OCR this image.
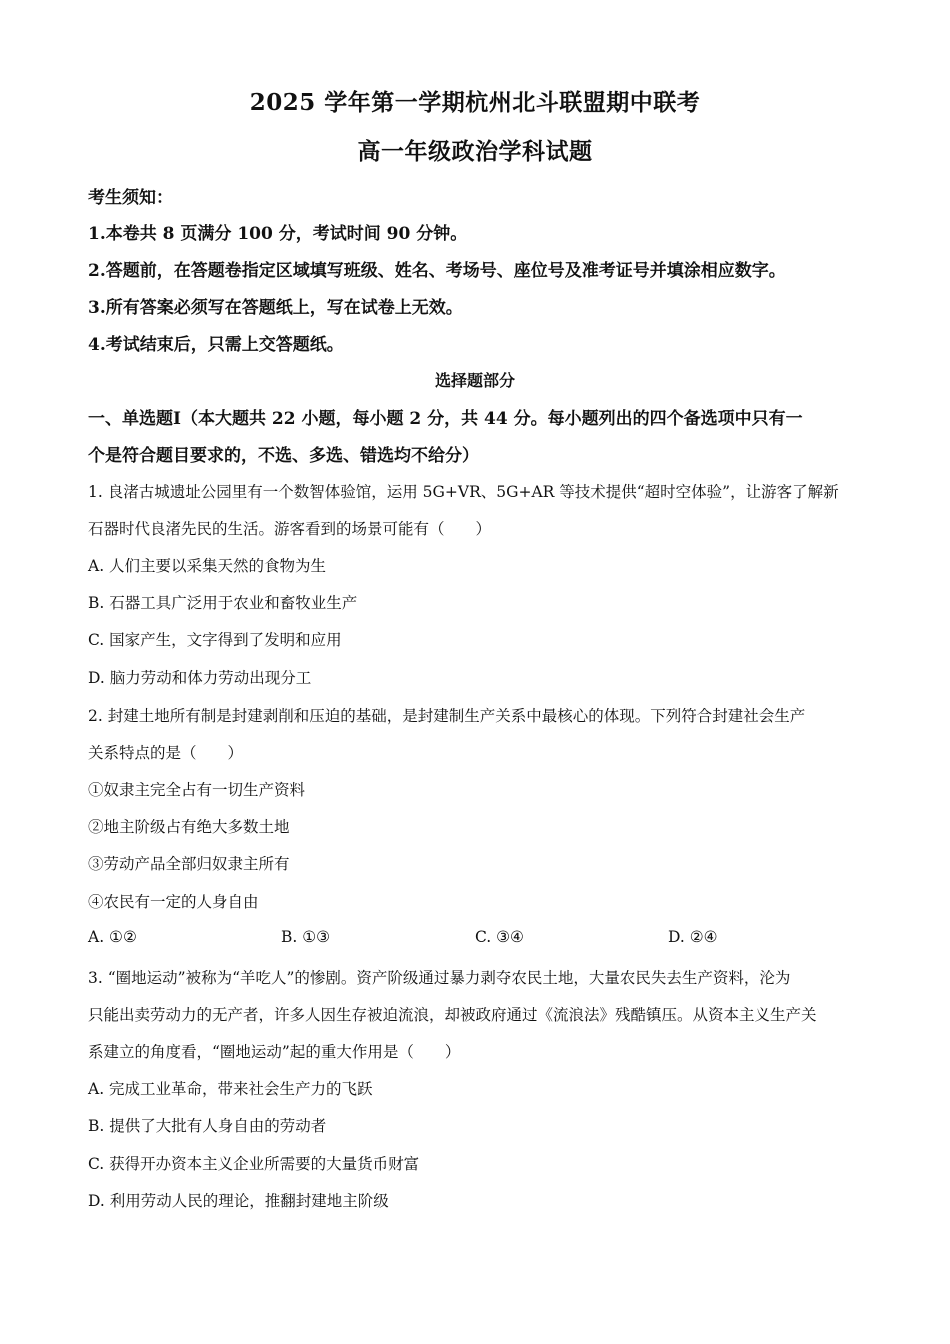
2025 学年第一学期杭州北斗联盟期中联考
高一年级政治学科试题
考生须知：
1.本卷共 8 页满分 100 分，考试时间 90 分钟。
2.答题前，在答题卷指定区域填写班级、姓名、考场号、座位号及准考证号并填涂相应数字。
3.所有答案必须写在答题纸上，写在试卷上无效。
4.考试结束后，只需上交答题纸。
选择题部分
一、单选题Ⅰ（本大题共 22 小题，每小题 2 分，共 44 分。每小题列出的四个备选项中只有一
个是符合题目要求的，不选、多选、错选均不给分）
1. 良渚古城遗址公园里有一个数智体验馆，运用 5G+VR、5G+AR 等技术提供“超时空体验”，让游客了解新
石器时代良渚先民的生活。游客看到的场景可能有（　　）
A. 人们主要以采集天然的食物为生
B. 石器工具广泛用于农业和畜牧业生产
C. 国家产生，文字得到了发明和应用
D. 脑力劳动和体力劳动出现分工
2. 封建土地所有制是封建剥削和压迫的基础，是封建制生产关系中最核心的体现。下列符合封建社会生产
关系特点的是（　　）
①奴隶主完全占有一切生产资料
②地主阶级占有绝大多数土地
③劳动产品全部归奴隶主所有
④农民有一定的人身自由
A. ①②	B. ①③	C. ③④	D. ②④
3. “圈地运动”被称为“羊吃人”的惨剧。资产阶级通过暴力剥夺农民土地，大量农民失去生产资料，沦为
只能出卖劳动力的无产者，许多人因生存被迫流浪，却被政府通过《流浪法》残酷镇压。从资本主义生产关
系建立的角度看，“圈地运动”起的重大作用是（　　）
A. 完成工业革命，带来社会生产力的飞跃
B. 提供了大批有人身自由的劳动者
C. 获得开办资本主义企业所需要的大量货币财富
D. 利用劳动人民的理论，推翻封建地主阶级
